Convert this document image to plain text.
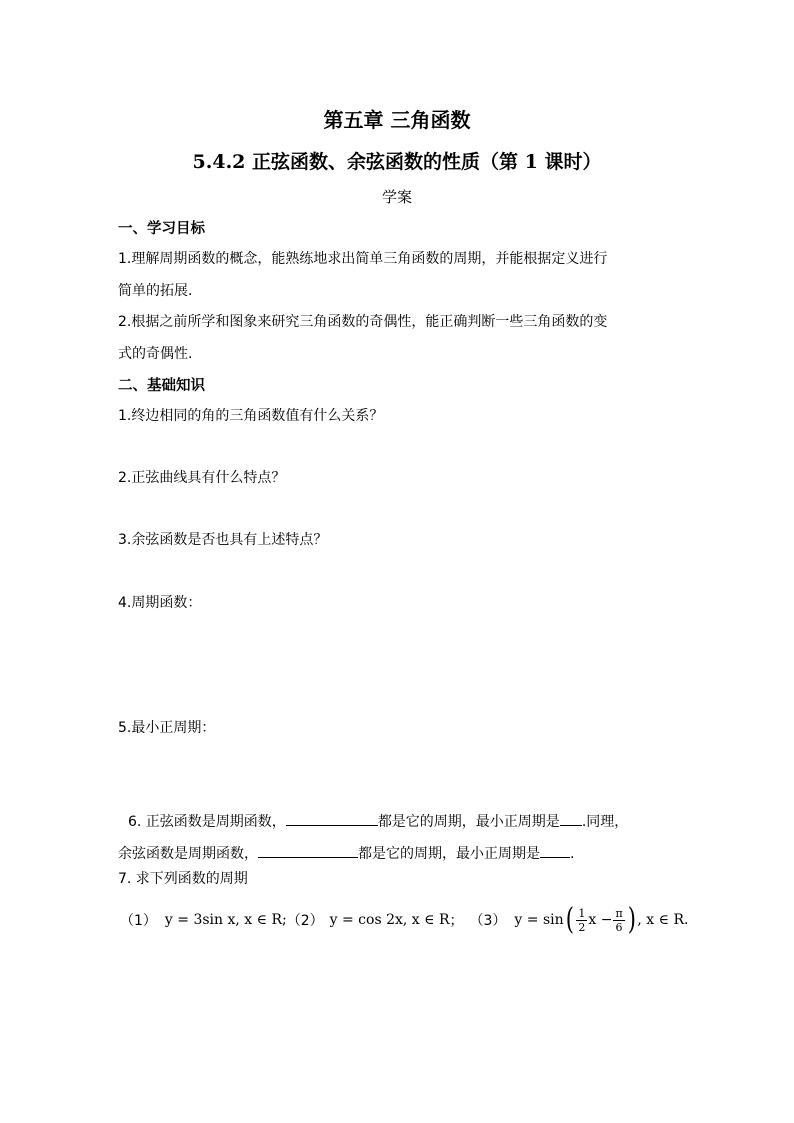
第五章 三角函数
5.4.2 正弦函数、余弦函数的性质（第 1 课时）
学案
一、学习目标
1.理解周期函数的概念，能熟练地求出简单三角函数的周期，并能根据定义进行
简单的拓展.
2.根据之前所学和图象来研究三角函数的奇偶性，能正确判断一些三角函数的变
式的奇偶性.
二、基础知识
1.终边相同的角的三角函数值有什么关系？
2.正弦曲线具有什么特点？
3.余弦函数是否也具有上述特点？
4.周期函数：
5.最小正周期：
6. 正弦函数是周期函数，	都是它的周期，最小正周期是 .同理，
余弦函数是周期函数，	都是它的周期，最小正周期是 .
7. 求下列函数的周期
（1） y = 3sin x, x ∈ R; （2） y = cos 2x, x ∈ R ； （3） y = sin ( $\frac{1}{2}$ $x - \frac{\pi}{6}$ ) , x ∈ R.
